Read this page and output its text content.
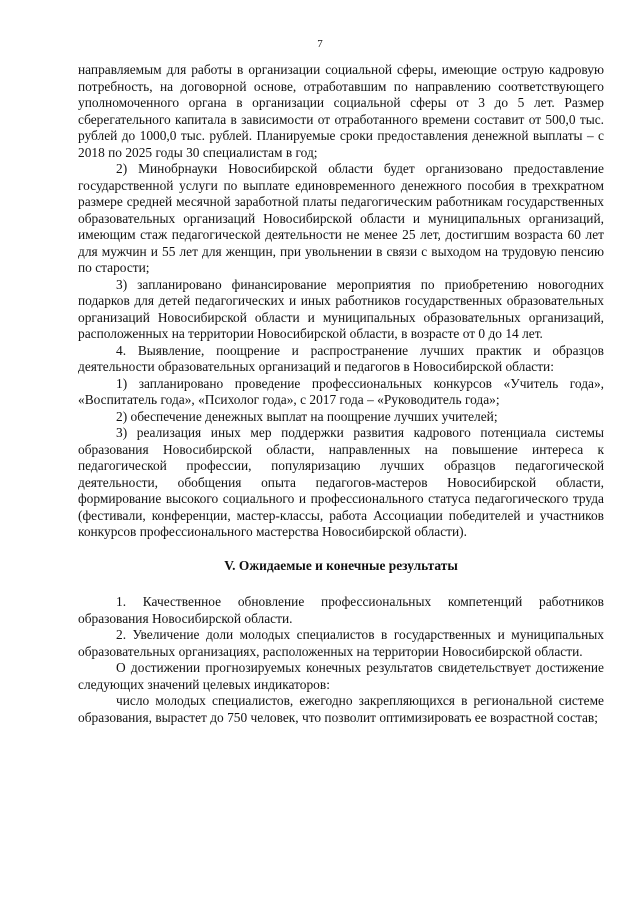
7

направляемым для работы в организации социальной сферы, имеющие острую кадровую потребность, на договорной основе, отработавшим по направлению соответствующего уполномоченного органа в организации социальной сферы от 3 до 5 лет. Размер сберегательного капитала в зависимости от отработанного времени составит от 500,0 тыс. рублей до 1000,0 тыс. рублей. Планируемые сроки предоставления денежной выплаты – с 2018 по 2025 годы 30 специалистам в год;

2) Минобрнауки Новосибирской области будет организовано предоставление государственной услуги по выплате единовременного денежного пособия в трехкратном размере средней месячной заработной платы педагогическим работникам государственных образовательных организаций Новосибирской области и муниципальных организаций, имеющим стаж педагогической деятельности не менее 25 лет, достигшим возраста 60 лет для мужчин и 55 лет для женщин, при увольнении в связи с выходом на трудовую пенсию по старости;

3) запланировано финансирование мероприятия по приобретению новогодних подарков для детей педагогических и иных работников государственных образовательных организаций Новосибирской области и муниципальных образовательных организаций, расположенных на территории Новосибирской области, в возрасте от 0 до 14 лет.

4. Выявление, поощрение и распространение лучших практик и образцов деятельности образовательных организаций и педагогов в Новосибирской области:

1) запланировано проведение профессиональных конкурсов «Учитель года», «Воспитатель года», «Психолог года», с 2017 года – «Руководитель года»;

2) обеспечение денежных выплат на поощрение лучших учителей;

3) реализация иных мер поддержки развития кадрового потенциала системы образования Новосибирской области, направленных на повышение интереса к педагогической профессии, популяризацию лучших образцов педагогической деятельности, обобщения опыта педагогов-мастеров Новосибирской области, формирование высокого социального и профессионального статуса педагогического труда (фестивали, конференции, мастер-классы, работа Ассоциации победителей и участников конкурсов профессионального мастерства Новосибирской области).

V. Ожидаемые и конечные результаты

1. Качественное обновление профессиональных компетенций работников образования Новосибирской области.

2. Увеличение доли молодых специалистов в государственных и муниципальных образовательных организациях, расположенных на территории Новосибирской области.

О достижении прогнозируемых конечных результатов свидетельствует достижение следующих значений целевых индикаторов:

число молодых специалистов, ежегодно закрепляющихся в региональной системе образования, вырастет до 750 человек, что позволит оптимизировать ее возрастной состав;
